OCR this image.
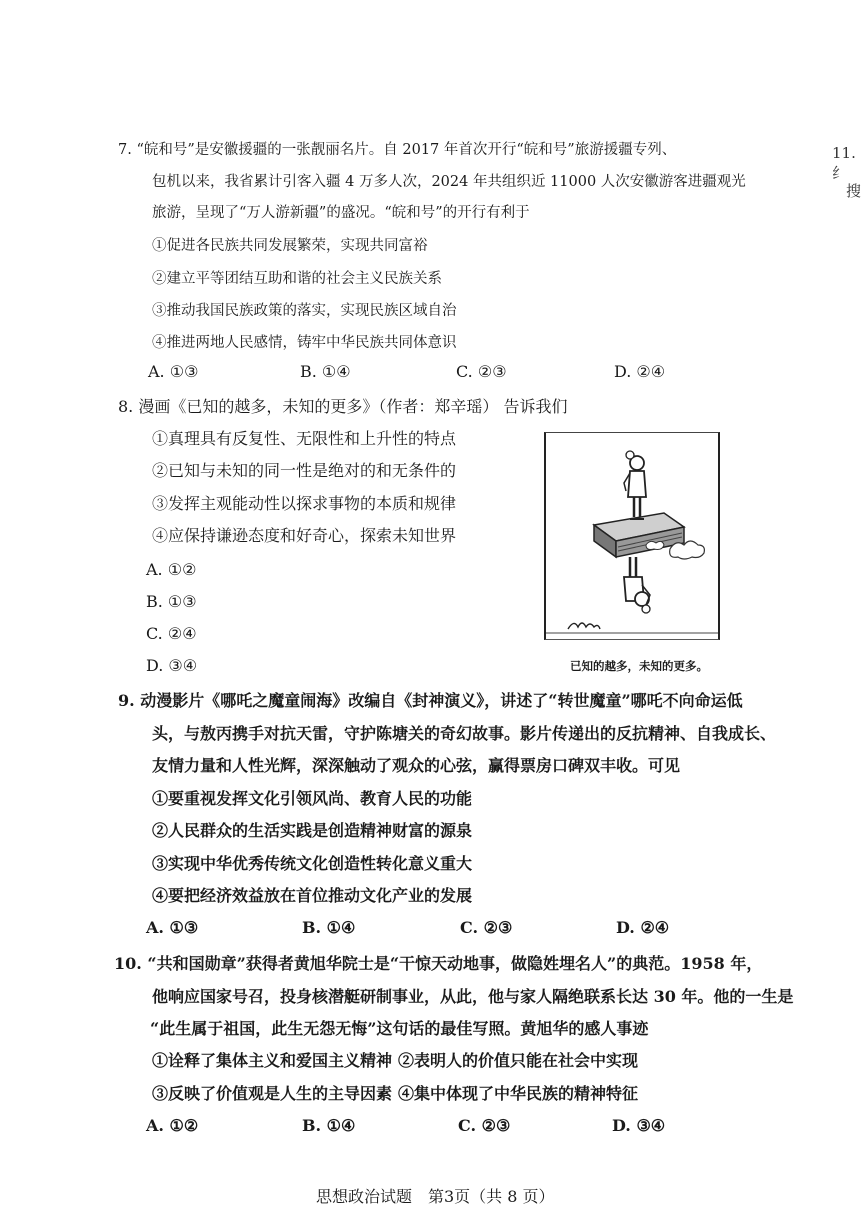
11. 纟
搜
7. “皖和号”是安徽援疆的一张靓丽名片。自 2017 年首次开行“皖和号”旅游援疆专列、
包机以来，我省累计引客入疆 4 万多人次，2024 年共组织近 11000 人次安徽游客进疆观光
旅游，呈现了“万人游新疆”的盛况。“皖和号”的开行有利于
①促进各民族共同发展繁荣，实现共同富裕
②建立平等团结互助和谐的社会主义民族关系
③推动我国民族政策的落实，实现民族区域自治
④推进两地人民感情，铸牢中华民族共同体意识
A. ①③	B. ①④	C. ②③	D. ②④
8. 漫画《已知的越多，未知的更多》（作者：郑辛瑶） 告诉我们
①真理具有反复性、无限性和上升性的特点
②已知与未知的同一性是绝对的和无条件的
③发挥主观能动性以探求事物的本质和规律
④应保持谦逊态度和好奇心，探索未知世界
A. ①②
B. ①③
C. ②④
D. ③④	已知的越多，未知的更多。
9. 动漫影片《哪吒之魔童闹海》改编自《封神演义》，讲述了“转世魔童”哪吒不向命运低
头，与敖丙携手对抗天雷，守护陈塘关的奇幻故事。影片传递出的反抗精神、自我成长、
友情力量和人性光辉，深深触动了观众的心弦，赢得票房口碑双丰收。可见
①要重视发挥文化引领风尚、教育人民的功能
②人民群众的生活实践是创造精神财富的源泉
③实现中华优秀传统文化创造性转化意义重大
④要把经济效益放在首位推动文化产业的发展
A. ①③	B. ①④	C. ②③	D. ②④
10. “共和国勋章”获得者黄旭华院士是“干惊天动地事，做隐姓埋名人”的典范。1958 年，
他响应国家号召，投身核潜艇研制事业，从此，他与家人隔绝联系长达 30 年。他的一生是
“此生属于祖国，此生无怨无悔”这句话的最佳写照。黄旭华的感人事迹
①诠释了集体主义和爱国主义精神 ②表明人的价值只能在社会中实现
③反映了价值观是人生的主导因素 ④集中体现了中华民族的精神特征
A. ①②	B. ①④	C. ②③	D. ③④
思想政治试题　第3页（共 8 页）
